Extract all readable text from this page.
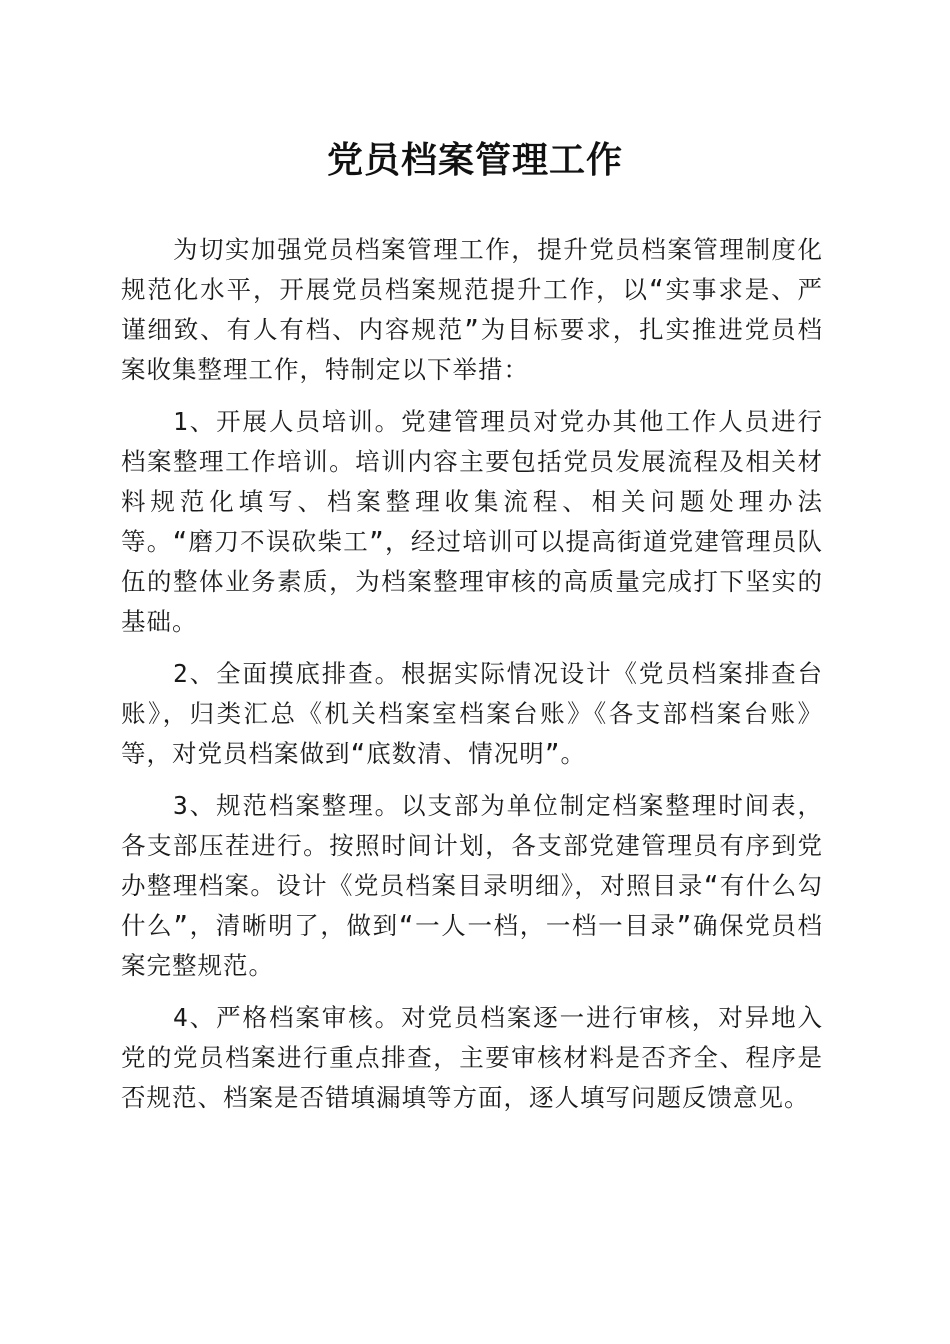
党员档案管理工作

为切实加强党员档案管理工作，提升党员档案管理制度化规范化水平，开展党员档案规范提升工作，以“实事求是、严谨细致、有人有档、内容规范”为目标要求，扎实推进党员档案收集整理工作，特制定以下举措：

1、开展人员培训。党建管理员对党办其他工作人员进行档案整理工作培训。培训内容主要包括党员发展流程及相关材料规范化填写、档案整理收集流程、相关问题处理办法等。“磨刀不误砍柴工”，经过培训可以提高街道党建管理员队伍的整体业务素质，为档案整理审核的高质量完成打下坚实的基础。

2、全面摸底排查。根据实际情况设计《党员档案排查台账》，归类汇总《机关档案室档案台账》《各支部档案台账》等，对党员档案做到“底数清、情况明”。

3、规范档案整理。以支部为单位制定档案整理时间表，各支部压茬进行。按照时间计划，各支部党建管理员有序到党办整理档案。设计《党员档案目录明细》，对照目录“有什么勾什么”，清晰明了，做到“一人一档，一档一目录”确保党员档案完整规范。

4、严格档案审核。对党员档案逐一进行审核，对异地入党的党员档案进行重点排查，主要审核材料是否齐全、程序是否规范、档案是否错填漏填等方面，逐人填写问题反馈意见。
